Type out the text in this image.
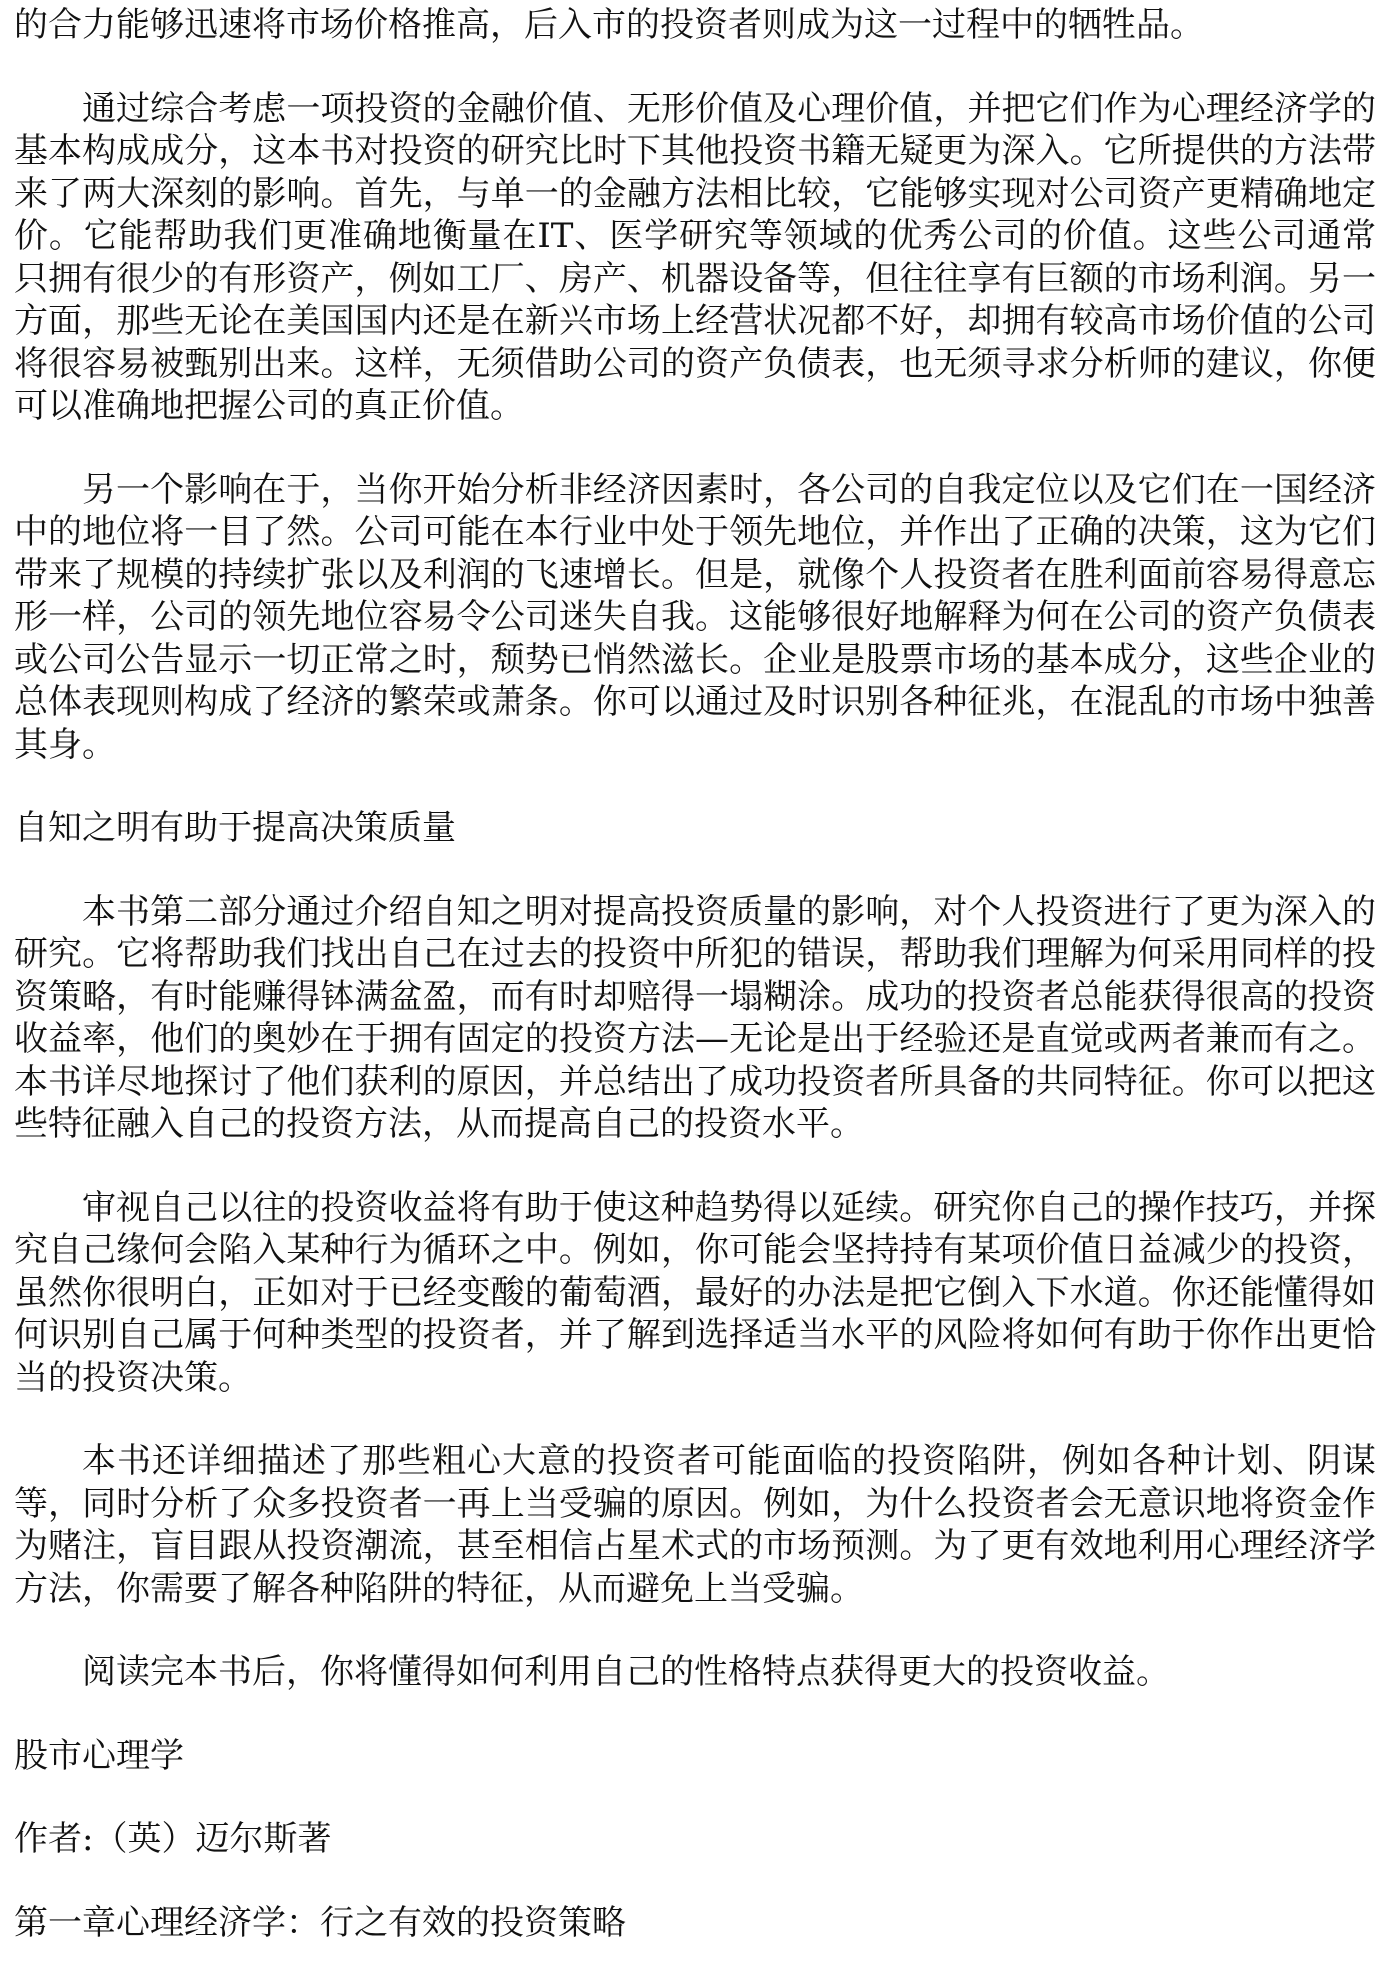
的合力能够迅速将市场价格推高，后入市的投资者则成为这一过程中的牺牲品。

通过综合考虑一项投资的金融价值、无形价值及心理价值，并把它们作为心理经济学的基本构成成分，这本书对投资的研究比时下其他投资书籍无疑更为深入。它所提供的方法带来了两大深刻的影响。首先，与单一的金融方法相比较，它能够实现对公司资产更精确地定价。它能帮助我们更准确地衡量在IT、医学研究等领域的优秀公司的价值。这些公司通常只拥有很少的有形资产，例如工厂、房产、机器设备等，但往往享有巨额的市场利润。另一方面，那些无论在美国国内还是在新兴市场上经营状况都不好，却拥有较高市场价值的公司将很容易被甄别出来。这样，无须借助公司的资产负债表，也无须寻求分析师的建议，你便可以准确地把握公司的真正价值。

另一个影响在于，当你开始分析非经济因素时，各公司的自我定位以及它们在一国经济中的地位将一目了然。公司可能在本行业中处于领先地位，并作出了正确的决策，这为它们带来了规模的持续扩张以及利润的飞速增长。但是，就像个人投资者在胜利面前容易得意忘形一样，公司的领先地位容易令公司迷失自我。这能够很好地解释为何在公司的资产负债表或公司公告显示一切正常之时，颓势已悄然滋长。企业是股票市场的基本成分，这些企业的总体表现则构成了经济的繁荣或萧条。你可以通过及时识别各种征兆，在混乱的市场中独善其身。

自知之明有助于提高决策质量

本书第二部分通过介绍自知之明对提高投资质量的影响，对个人投资进行了更为深入的研究。它将帮助我们找出自己在过去的投资中所犯的错误，帮助我们理解为何采用同样的投资策略，有时能赚得钵满盆盈，而有时却赔得一塌糊涂。成功的投资者总能获得很高的投资收益率，他们的奥妙在于拥有固定的投资方法—无论是出于经验还是直觉或两者兼而有之。本书详尽地探讨了他们获利的原因，并总结出了成功投资者所具备的共同特征。你可以把这些特征融入自己的投资方法，从而提高自己的投资水平。

审视自己以往的投资收益将有助于使这种趋势得以延续。研究你自己的操作技巧，并探究自己缘何会陷入某种行为循环之中。例如，你可能会坚持持有某项价值日益减少的投资，虽然你很明白，正如对于已经变酸的葡萄酒，最好的办法是把它倒入下水道。你还能懂得如何识别自己属于何种类型的投资者，并了解到选择适当水平的风险将如何有助于你作出更恰当的投资决策。

本书还详细描述了那些粗心大意的投资者可能面临的投资陷阱，例如各种计划、阴谋等，同时分析了众多投资者一再上当受骗的原因。例如，为什么投资者会无意识地将资金作为赌注，盲目跟从投资潮流，甚至相信占星术式的市场预测。为了更有效地利用心理经济学方法，你需要了解各种陷阱的特征，从而避免上当受骗。

阅读完本书后，你将懂得如何利用自己的性格特点获得更大的投资收益。

股市心理学

作者:（英）迈尔斯著

第一章心理经济学：行之有效的投资策略
